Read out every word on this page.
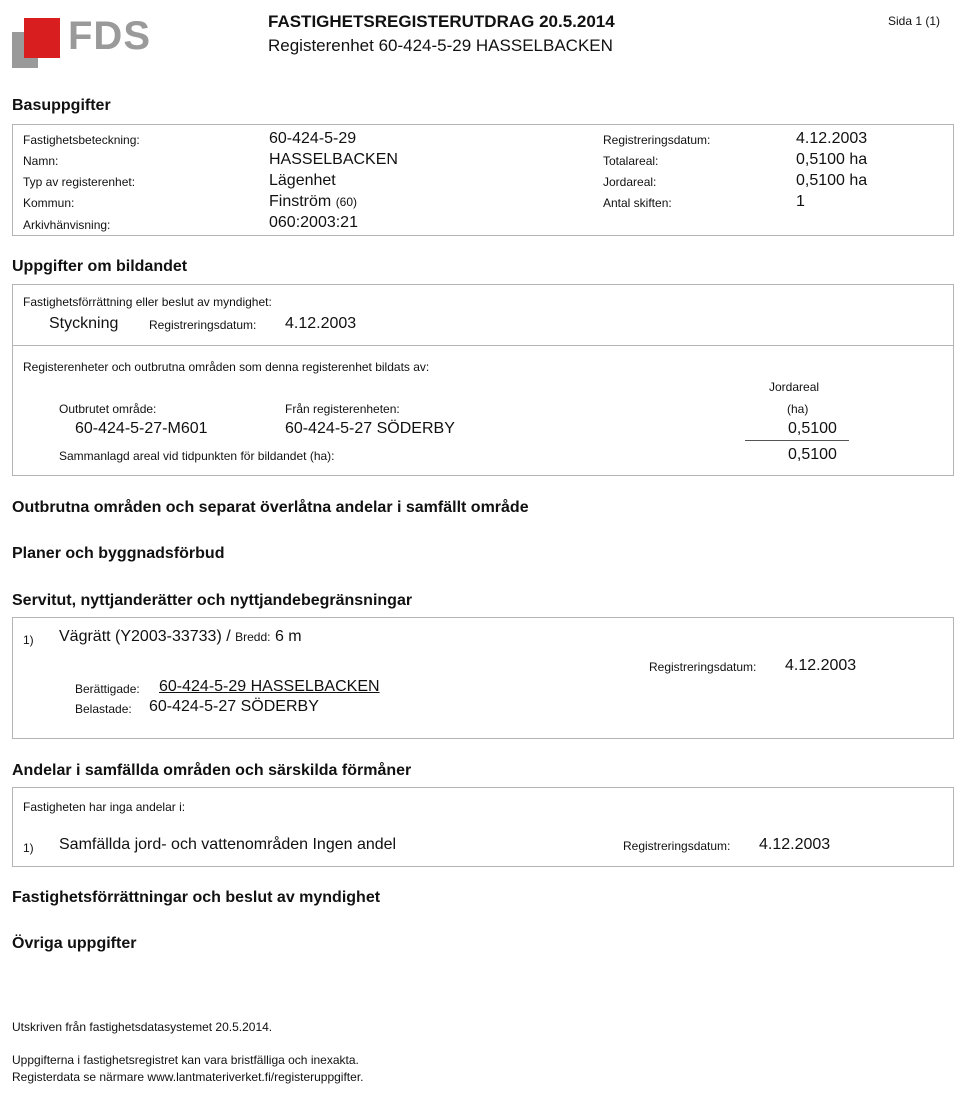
FDS	FASTIGHETSREGISTERUTDRAG 20.5.2014
Registerenhet 60-424-5-29 HASSELBACKEN
Sida 1 (1)
Basuppgifter
Fastighetsbeteckning:	60-424-5-29
Namn:	HASSELBACKEN
Typ av registerenhet:	Lägenhet
Kommun:	Finström (60)
Arkivhänvisning:	060:2003:21
Registreringsdatum:	4.12.2003
Totalareal:	0,5100 ha
Jordareal:	0,5100 ha
Antal skiften:	1
Uppgifter om bildandet
Fastighetsförrättning eller beslut av myndighet:
Styckning	Registreringsdatum: 4.12.2003
Registerenheter och outbrutna områden som denna registerenhet bildats av:
Jordareal
Outbrutet område:	Från registerenheten:	(ha)
60-424-5-27-M601	60-424-5-27 SÖDERBY	0,5100
Sammanlagd areal vid tidpunkten för bildandet (ha):	0,5100
Outbrutna områden och separat överlåtna andelar i samfällt område
Planer och byggnadsförbud
Servitut, nyttjanderätter och nyttjandebegränsningar
1) Vägrätt (Y2003-33733) / Bredd: 6 m
Registreringsdatum: 4.12.2003
Berättigade: 60-424-5-29 HASSELBACKEN
Belastade: 60-424-5-27 SÖDERBY
Andelar i samfällda områden och särskilda förmåner
Fastigheten har inga andelar i:
1) Samfällda jord- och vattenområden Ingen andel	Registreringsdatum: 4.12.2003
Fastighetsförrättningar och beslut av myndighet
Övriga uppgifter
Utskriven från fastighetsdatasystemet 20.5.2014.
Uppgifterna i fastighetsregistret kan vara bristfälliga och inexakta.
Registerdata se närmare www.lantmateriverket.fi/registeruppgifter.
